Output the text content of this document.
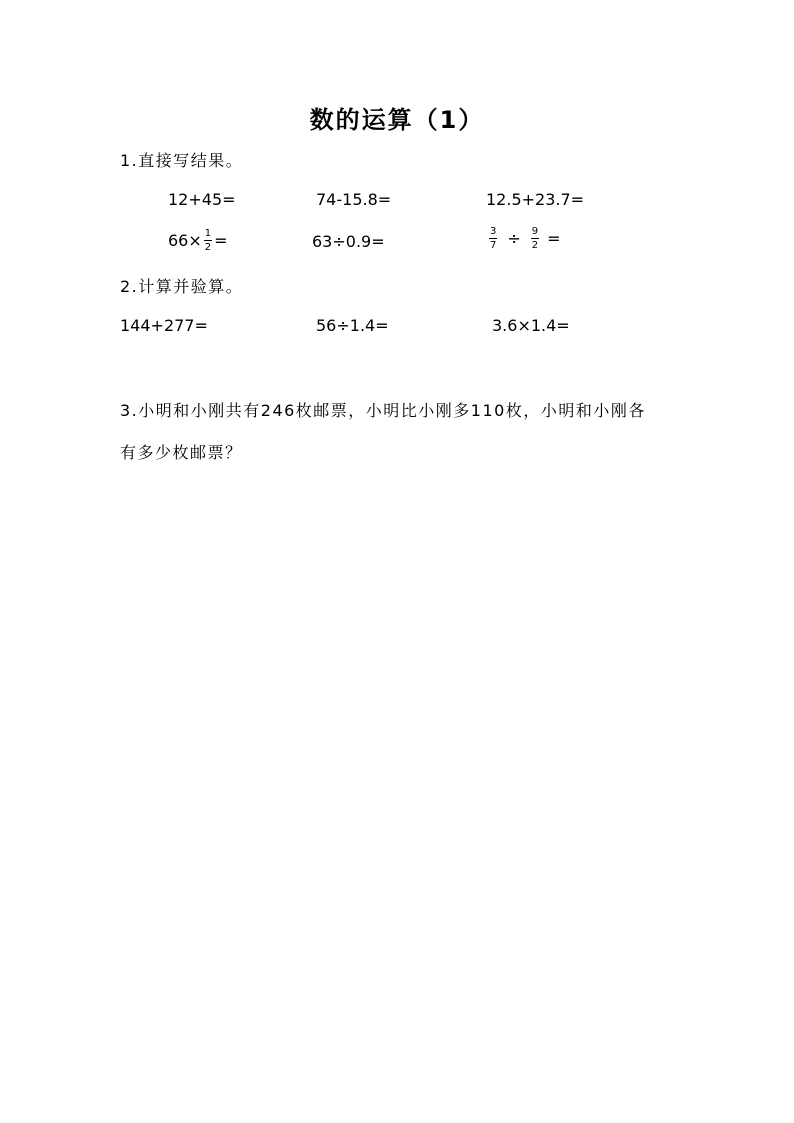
数的运算（1）
1.直接写结果。
12+45=	74-15.8=	12.5+23.7=
$66\times \frac{1}{2}$ =	63÷0.9=	$\frac{3}{7} \div \frac{9}{2}$ =
2.计算并验算。
144+277=	56÷1.4=	3.6×1.4=
3.小明和小刚共有246枚邮票，小明比小刚多110枚，小明和小刚各
有多少枚邮票？
